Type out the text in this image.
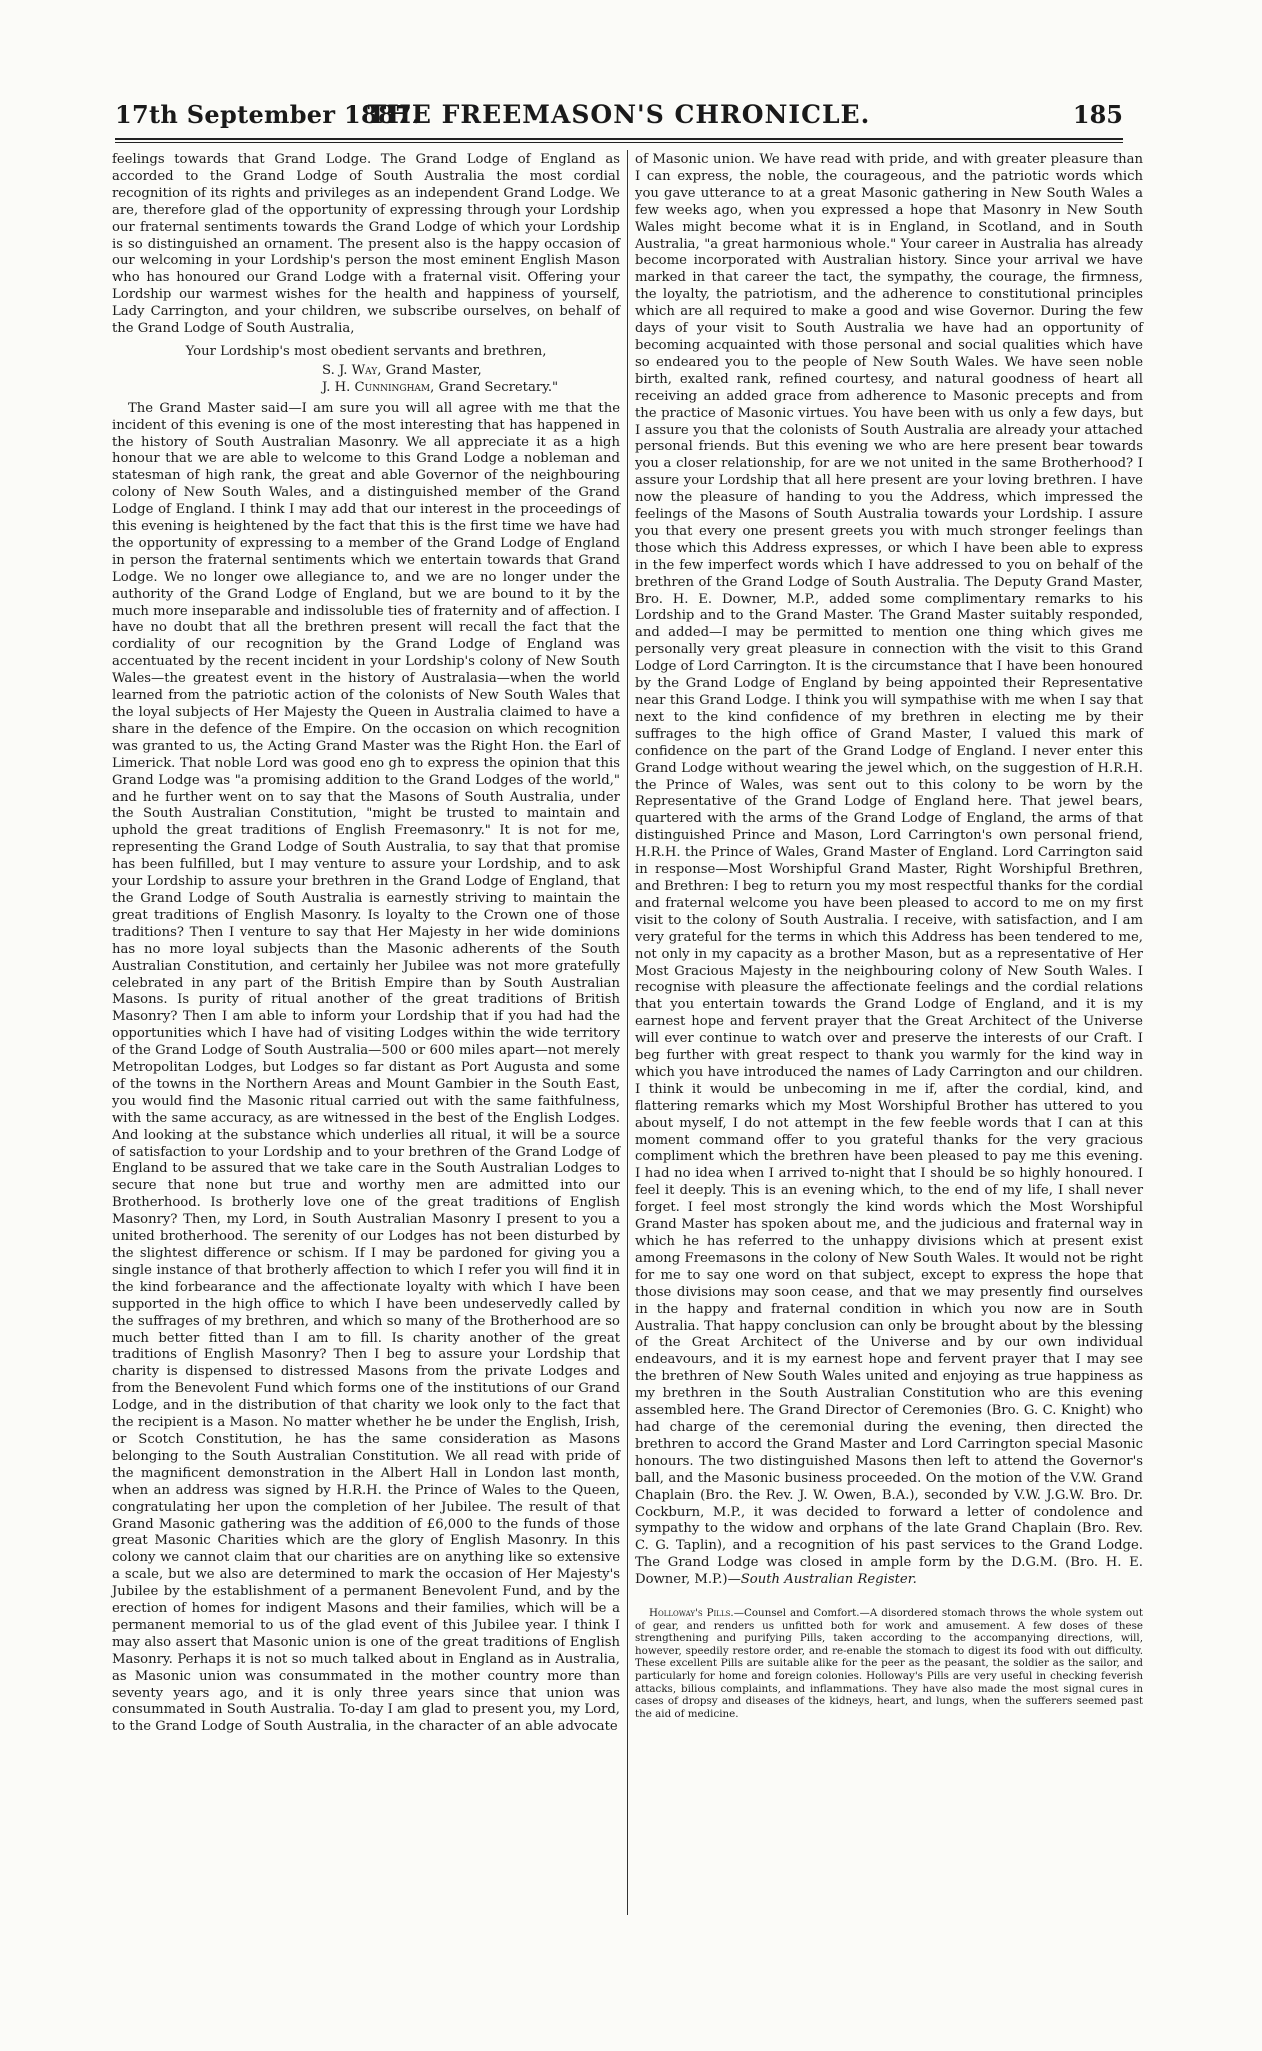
17th September 1887.
THE FREEMASON'S CHRONICLE.	185

feelings towards that Grand Lodge. The Grand Lodge of England as accorded to the Grand Lodge of South Australia the most cordial recognition of its rights and privileges as an independent Grand Lodge. We are, therefore glad of the opportunity of expressing through your Lordship our fraternal sentiments towards the Grand Lodge of which your Lordship is so distinguished an ornament. The present also is the happy occasion of our welcoming in your Lordship's person the most eminent English Mason who has honoured our Grand Lodge with a fraternal visit. Offering your Lordship our warmest wishes for the health and happiness of yourself, Lady Carrington, and your children, we subscribe ourselves, on behalf of the Grand Lodge of South Australia,

Your Lordship's most obedient servants and brethren,

S. J. Way, Grand Master,

J. H. Cunningham, Grand Secretary."

The Grand Master said—I am sure you will all agree with me that the incident of this evening is one of the most interesting that has happened in the history of South Australian Masonry. We all appreciate it as a high honour that we are able to welcome to this Grand Lodge a nobleman and statesman of high rank, the great and able Governor of the neighbouring colony of New South Wales, and a distinguished member of the Grand Lodge of England. I think I may add that our interest in the proceedings of this evening is heightened by the fact that this is the first time we have had the opportunity of expressing to a member of the Grand Lodge of England in person the fraternal sentiments which we entertain towards that Grand Lodge. We no longer owe allegiance to, and we are no longer under the authority of the Grand Lodge of England, but we are bound to it by the much more inseparable and indissoluble ties of fraternity and of affection. I have no doubt that all the brethren present will recall the fact that the cordiality of our recognition by the Grand Lodge of England was accentuated by the recent incident in your Lordship's colony of New South Wales—the greatest event in the history of Australasia—when the world learned from the patriotic action of the colonists of New South Wales that the loyal subjects of Her Majesty the Queen in Australia claimed to have a share in the defence of the Empire. On the occasion on which recognition was granted to us, the Acting Grand Master was the Right Hon. the Earl of Limerick. That noble Lord was good eno gh to express the opinion that this Grand Lodge was "a promising addition to the Grand Lodges of the world," and he further went on to say that the Masons of South Australia, under the South Australian Constitution, "might be trusted to maintain and uphold the great traditions of English Freemasonry." It is not for me, representing the Grand Lodge of South Australia, to say that that promise has been fulfilled, but I may venture to assure your Lordship, and to ask your Lordship to assure your brethren in the Grand Lodge of England, that the Grand Lodge of South Australia is earnestly striving to maintain the great traditions of English Masonry. Is loyalty to the Crown one of those traditions? Then I venture to say that Her Majesty in her wide dominions has no more loyal subjects than the Masonic adherents of the South Australian Constitution, and certainly her Jubilee was not more gratefully celebrated in any part of the British Empire than by South Australian Masons. Is purity of ritual another of the great traditions of British Masonry? Then I am able to inform your Lordship that if you had had the opportunities which I have had of visiting Lodges within the wide territory of the Grand Lodge of South Australia—500 or 600 miles apart—not merely Metropolitan Lodges, but Lodges so far distant as Port Augusta and some of the towns in the Northern Areas and Mount Gambier in the South East, you would find the Masonic ritual carried out with the same faithfulness, with the same accuracy, as are witnessed in the best of the English Lodges. And looking at the substance which underlies all ritual, it will be a source of satisfaction to your Lordship and to your brethren of the Grand Lodge of England to be assured that we take care in the South Australian Lodges to secure that none but true and worthy men are admitted into our Brotherhood. Is brotherly love one of the great traditions of English Masonry? Then, my Lord, in South Australian Masonry I present to you a united brotherhood. The serenity of our Lodges has not been disturbed by the slightest difference or schism. If I may be pardoned for giving you a single instance of that brotherly affection to which I refer you will find it in the kind forbearance and the affectionate loyalty with which I have been supported in the high office to which I have been undeservedly called by the suffrages of my brethren, and which so many of the Brotherhood are so much better fitted than I am to fill. Is charity another of the great traditions of English Masonry? Then I beg to assure your Lordship that charity is dispensed to distressed Masons from the private Lodges and from the Benevolent Fund which forms one of the institutions of our Grand Lodge, and in the distribution of that charity we look only to the fact that the recipient is a Mason. No matter whether he be under the English, Irish, or Scotch Constitution, he has the same consideration as Masons belonging to the South Australian Constitution. We all read with pride of the magnificent demonstration in the Albert Hall in London last month, when an address was signed by H.R.H. the Prince of Wales to the Queen, congratulating her upon the completion of her Jubilee. The result of that Grand Masonic gathering was the addition of £6,000 to the funds of those great Masonic Charities which are the glory of English Masonry. In this colony we cannot claim that our charities are on anything like so extensive a scale, but we also are determined to mark the occasion of Her Majesty's Jubilee by the establishment of a permanent Benevolent Fund, and by the erection of homes for indigent Masons and their families, which will be a permanent memorial to us of the glad event of this Jubilee year. I think I may also assert that Masonic union is one of the great traditions of English Masonry. Perhaps it is not so much talked about in England as in Australia, as Masonic union was consummated in the mother country more than seventy years ago, and it is only three years since that union was consummated in South Australia. To-day I am glad to present you, my Lord, to the Grand Lodge of South Australia, in the character of an able advocate

of Masonic union. We have read with pride, and with greater pleasure than I can express, the noble, the courageous, and the patriotic words which you gave utterance to at a great Masonic gathering in New South Wales a few weeks ago, when you expressed a hope that Masonry in New South Wales might become what it is in England, in Scotland, and in South Australia, "a great harmonious whole." Your career in Australia has already become incorporated with Australian history. Since your arrival we have marked in that career the tact, the sympathy, the courage, the firmness, the loyalty, the patriotism, and the adherence to constitutional principles which are all required to make a good and wise Governor. During the few days of your visit to South Australia we have had an opportunity of becoming acquainted with those personal and social qualities which have so endeared you to the people of New South Wales. We have seen noble birth, exalted rank, refined courtesy, and natural goodness of heart all receiving an added grace from adherence to Masonic precepts and from the practice of Masonic virtues. You have been with us only a few days, but I assure you that the colonists of South Australia are already your attached personal friends. But this evening we who are here present bear towards you a closer relationship, for are we not united in the same Brotherhood? I assure your Lordship that all here present are your loving brethren. I have now the pleasure of handing to you the Address, which impressed the feelings of the Masons of South Australia towards your Lordship. I assure you that every one present greets you with much stronger feelings than those which this Address expresses, or which I have been able to express in the few imperfect words which I have addressed to you on behalf of the brethren of the Grand Lodge of South Australia. The Deputy Grand Master, Bro. H. E. Downer, M.P., added some complimentary remarks to his Lordship and to the Grand Master. The Grand Master suitably responded, and added—I may be permitted to mention one thing which gives me personally very great pleasure in connection with the visit to this Grand Lodge of Lord Carrington. It is the circumstance that I have been honoured by the Grand Lodge of England by being appointed their Representative near this Grand Lodge. I think you will sympathise with me when I say that next to the kind confidence of my brethren in electing me by their suffrages to the high office of Grand Master, I valued this mark of confidence on the part of the Grand Lodge of England. I never enter this Grand Lodge without wearing the jewel which, on the suggestion of H.R.H. the Prince of Wales, was sent out to this colony to be worn by the Representative of the Grand Lodge of England here. That jewel bears, quartered with the arms of the Grand Lodge of England, the arms of that distinguished Prince and Mason, Lord Carrington's own personal friend, H.R.H. the Prince of Wales, Grand Master of England. Lord Carrington said in response—Most Worshipful Grand Master, Right Worshipful Brethren, and Brethren: I beg to return you my most respectful thanks for the cordial and fraternal welcome you have been pleased to accord to me on my first visit to the colony of South Australia. I receive, with satisfaction, and I am very grateful for the terms in which this Address has been tendered to me, not only in my capacity as a brother Mason, but as a representative of Her Most Gracious Majesty in the neighbouring colony of New South Wales. I recognise with pleasure the affectionate feelings and the cordial relations that you entertain towards the Grand Lodge of England, and it is my earnest hope and fervent prayer that the Great Architect of the Universe will ever continue to watch over and preserve the interests of our Craft. I beg further with great respect to thank you warmly for the kind way in which you have introduced the names of Lady Carrington and our children. I think it would be unbecoming in me if, after the cordial, kind, and flattering remarks which my Most Worshipful Brother has uttered to you about myself, I do not attempt in the few feeble words that I can at this moment command offer to you grateful thanks for the very gracious compliment which the brethren have been pleased to pay me this evening. I had no idea when I arrived to-night that I should be so highly honoured. I feel it deeply. This is an evening which, to the end of my life, I shall never forget. I feel most strongly the kind words which the Most Worshipful Grand Master has spoken about me, and the judicious and fraternal way in which he has referred to the unhappy divisions which at present exist among Freemasons in the colony of New South Wales. It would not be right for me to say one word on that subject, except to express the hope that those divisions may soon cease, and that we may presently find ourselves in the happy and fraternal condition in which you now are in South Australia. That happy conclusion can only be brought about by the blessing of the Great Architect of the Universe and by our own individual endeavours, and it is my earnest hope and fervent prayer that I may see the brethren of New South Wales united and enjoying as true happiness as my brethren in the South Australian Constitution who are this evening assembled here. The Grand Director of Ceremonies (Bro. G. C. Knight) who had charge of the ceremonial during the evening, then directed the brethren to accord the Grand Master and Lord Carrington special Masonic honours. The two distinguished Masons then left to attend the Governor's ball, and the Masonic business proceeded. On the motion of the V.W. Grand Chaplain (Bro. the Rev. J. W. Owen, B.A.), seconded by V.W. J.G.W. Bro. Dr. Cockburn, M.P., it was decided to forward a letter of condolence and sympathy to the widow and orphans of the late Grand Chaplain (Bro. Rev. C. G. Taplin), and a recognition of his past services to the Grand Lodge. The Grand Lodge was closed in ample form by the D.G.M. (Bro. H. E. Downer, M.P.)—South Australian Register.

Holloway's Pills.—Counsel and Comfort.—A disordered stomach throws the whole system out of gear, and renders us unfitted both for work and amusement. A few doses of these strengthening and purifying Pills, taken according to the accompanying directions, will, however, speedily restore order, and re-enable the stomach to digest its food with out difficulty. These excellent Pills are suitable alike for the peer as the peasant, the soldier as the sailor, and particularly for home and foreign colonies. Holloway's Pills are very useful in checking feverish attacks, bilious complaints, and inflammations. They have also made the most signal cures in cases of dropsy and diseases of the kidneys, heart, and lungs, when the sufferers seemed past the aid of medicine.
